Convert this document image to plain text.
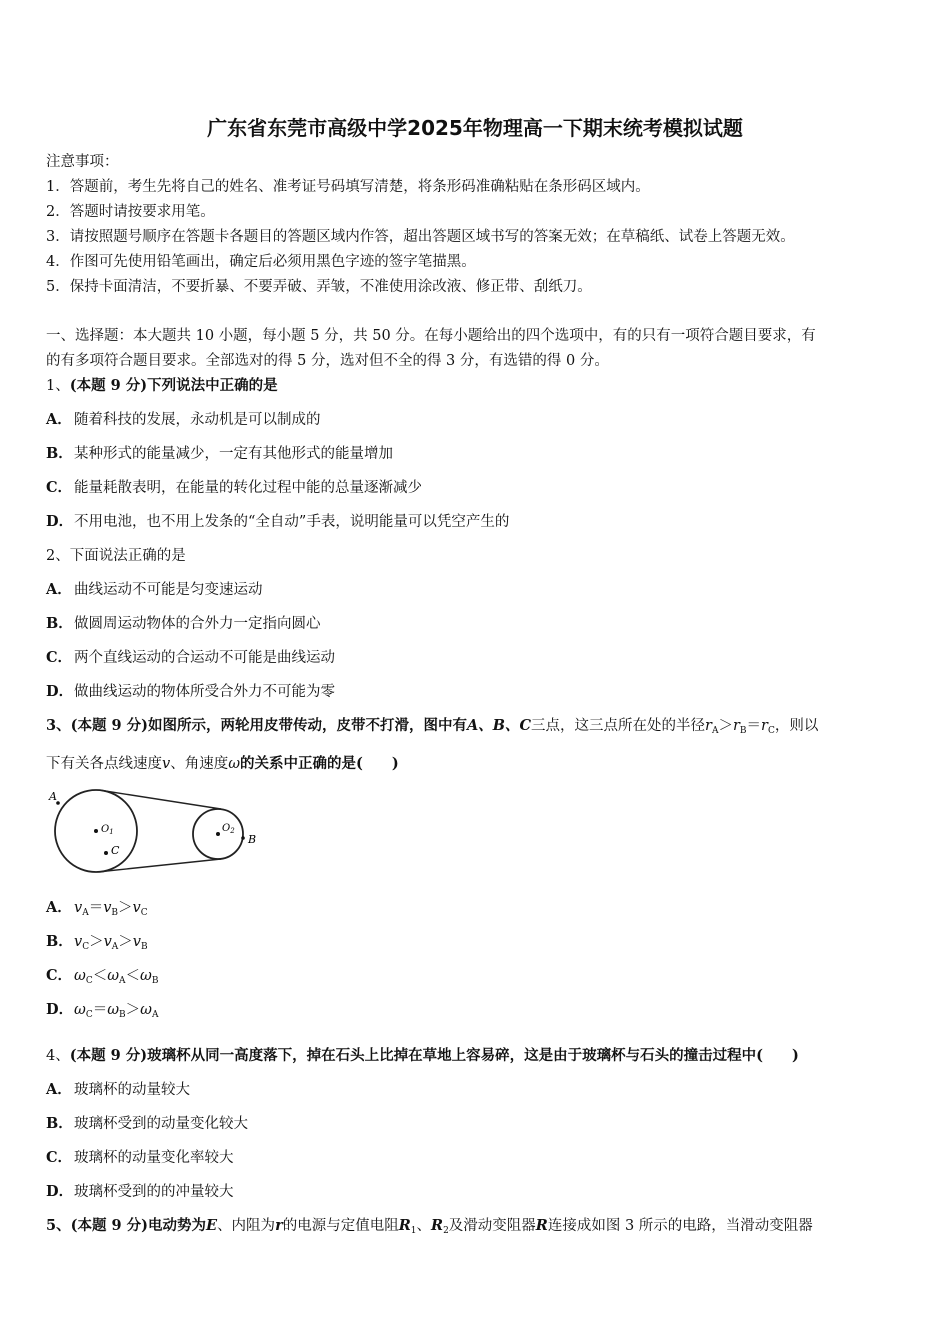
广东省东莞市高级中学2025年物理高一下期末统考模拟试题
注意事项：
1．答题前，考生先将自己的姓名、准考证号码填写清楚，将条形码准确粘贴在条形码区域内。
2．答题时请按要求用笔。
3．请按照题号顺序在答题卡各题目的答题区域内作答，超出答题区域书写的答案无效；在草稿纸、试卷上答题无效。
4．作图可先使用铅笔画出，确定后必须用黑色字迹的签字笔描黑。
5．保持卡面清洁，不要折暴、不要弄破、弄皱，不准使用涂改液、修正带、刮纸刀。
一、选择题：本大题共 10 小题，每小题 5 分，共 50 分。在每小题给出的四个选项中，有的只有一项符合题目要求，有
的有多项符合题目要求。全部选对的得 5 分，选对但不全的得 3 分，有选错的得 0 分。
1、(本题 9 分)下列说法中正确的是
A． 随着科技的发展，永动机是可以制成的
B．某种形式的能量减少，一定有其他形式的能量增加
C． 能量耗散表明，在能量的转化过程中能的总量逐渐减少
D．不用电池，也不用上发条的“全自动”手表，说明能量可以凭空产生的
2、下面说法正确的是
A． 曲线运动不可能是匀变速运动
B．做圆周运动物体的合外力一定指向圆心
C． 两个直线运动的合运动不可能是曲线运动
D．做曲线运动的物体所受合外力不可能为零
3、(本题 9 分)如图所示，两轮用皮带传动，皮带不打滑，图中有A、B、C三点，这三点所在处的半径$r_A>r_B=r_C$，则以
下有关各点线速度v、角速度ω的关系中正确的是(　　)
A
$O_1$
C
$O_2$
B
A． $v_A=v_B>v_C$
B．$v_C>v_A>v_B$
C． $\omega_C<\omega_A<\omega_B$
D．$\omega_C=\omega_B>\omega_A$
4、(本题 9 分)玻璃杯从同一高度落下，掉在石头上比掉在草地上容易碎，这是由于玻璃杯与石头的撞击过程中(　　)
A． 玻璃杯的动量较大
B．玻璃杯受到的动量变化较大
C． 玻璃杯的动量变化率较大
D．玻璃杯受到的的冲量较大
5、(本题 9 分)电动势为E、内阻为r的电源与定值电阻$R_1$、$R_2$及滑动变阻器R连接成如图 3 所示的电路，当滑动变阻器
